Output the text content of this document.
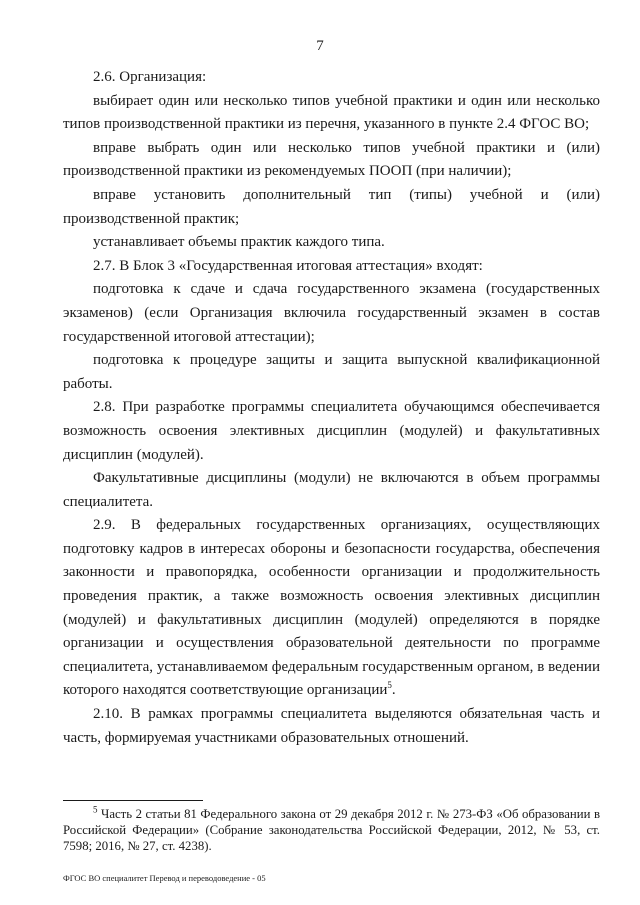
7

2.6. Организация:

выбирает один или несколько типов учебной практики и один или несколько типов производственной практики из перечня, указанного в пункте 2.4 ФГОС ВО;

вправе выбрать один или несколько типов учебной практики и (или) производственной практики из рекомендуемых ПООП (при наличии);

вправе установить дополнительный тип (типы) учебной и (или) производственной практик;

устанавливает объемы практик каждого типа.

2.7. В Блок 3 «Государственная итоговая аттестация» входят:

подготовка к сдаче и сдача государственного экзамена (государственных экзаменов) (если Организация включила государственный экзамен в состав государственной итоговой аттестации);

подготовка к процедуре защиты и защита выпускной квалификационной работы.

2.8. При разработке программы специалитета обучающимся обеспечивается возможность освоения элективных дисциплин (модулей) и факультативных дисциплин (модулей).

Факультативные дисциплины (модули) не включаются в объем программы специалитета.

2.9. В федеральных государственных организациях, осуществляющих подготовку кадров в интересах обороны и безопасности государства, обеспечения законности и правопорядка, особенности организации и продолжительность проведения практик, а также возможность освоения элективных дисциплин (модулей) и факультативных дисциплин (модулей) определяются в порядке организации и осуществления образовательной деятельности по программе специалитета, устанавливаемом федеральным государственным органом, в ведении которого находятся соответствующие организации$^5$.

2.10. В рамках программы специалитета выделяются обязательная часть и часть, формируемая участниками образовательных отношений.

$^5$ Часть 2 статьи 81 Федерального закона от 29 декабря 2012 г. № 273-ФЗ «Об образовании в Российской Федерации» (Собрание законодательства Российской Федерации, 2012, № 53, ст. 7598; 2016, № 27, ст. 4238).

ФГОС ВО специалитет Перевод и переводоведение - 05
